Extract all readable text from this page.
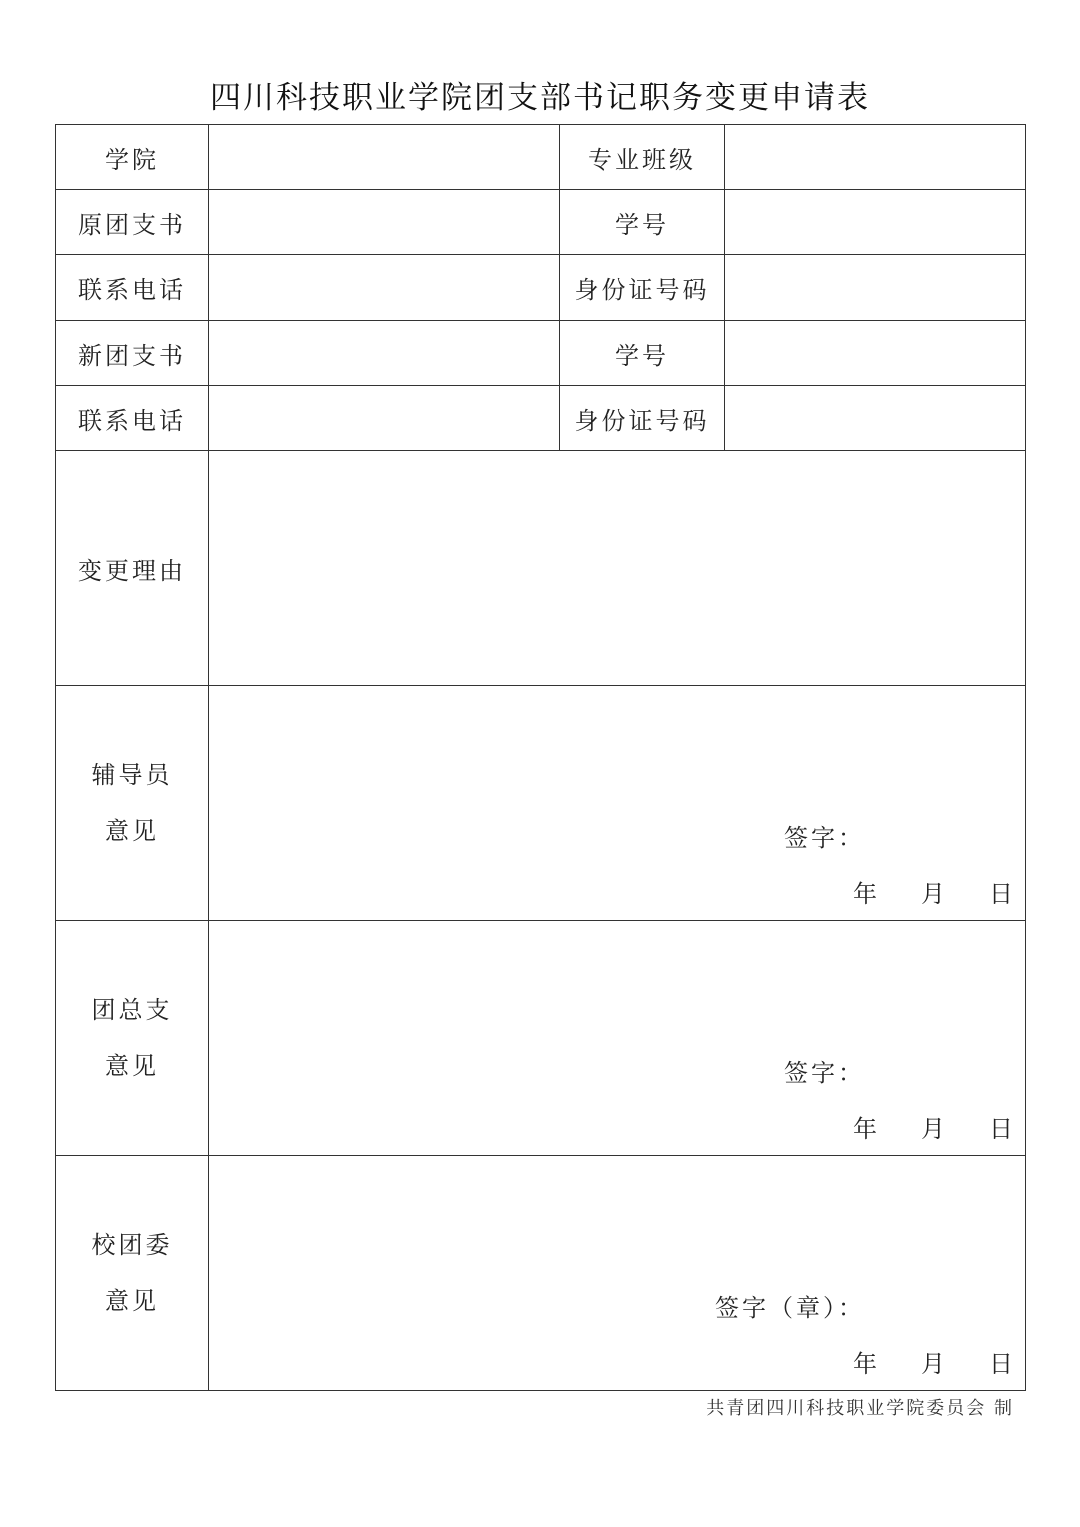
四川科技职业学院团支部书记职务变更申请表
学院		专业班级	
原团支书		学号	
联系电话		身份证号码	
新团支书		学号	
联系电话		身份证号码	
变更理由			

辅导员
意见	签字：
年 月 日		

团总支
意见	签字：
年 月 日		

校团委
意见	签字（章）：
年 月 日		
共青团四川科技职业学院委员会 制
